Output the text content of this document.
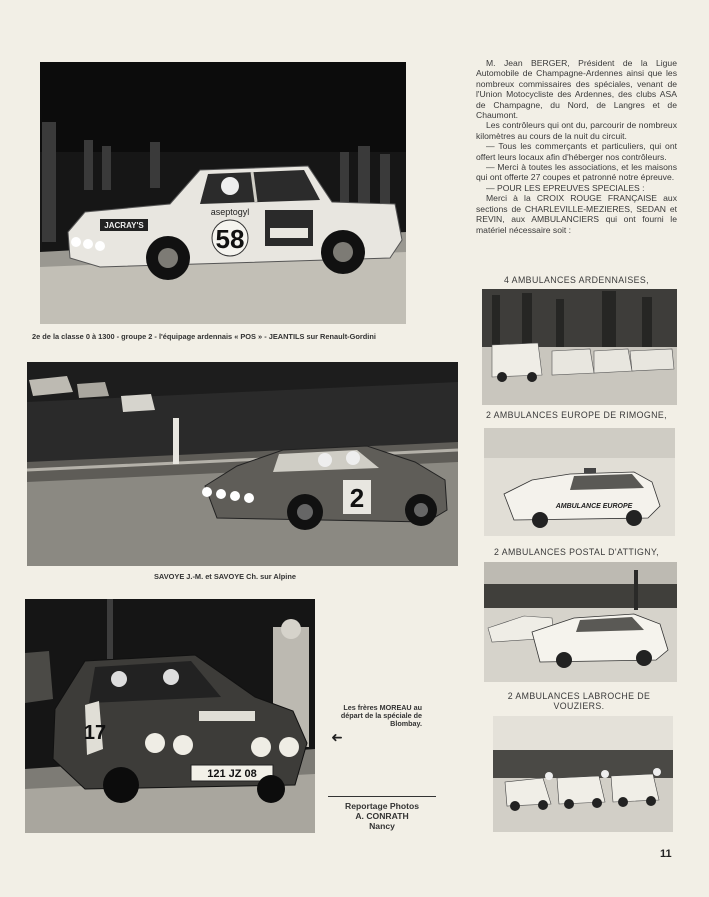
JACRAY'S
aseptogyl
58
2e de la classe 0 à 1300 - groupe 2 - l'équipage ardennais « POS » - JEANTILS sur Renault-Gordini
2
SAVOYE J.-M. et SAVOYE Ch. sur Alpine
17
121 JZ 08
Les frères MOREAU au départ de la spéciale de Blombay.
➜
Reportage Photos
A. CONRATH
Nancy

M. Jean BERGER, Président de la Ligue Automobile de Champagne-Ardennes ainsi que les nombreux commissaires des spéciales, venant de l'Union Motocycliste des Ardennes, des clubs ASA de Champagne, du Nord, de Langres et de Chaumont.

Les contrôleurs qui ont du, parcourir de nombreux kilomètres au cours de la nuit du circuit.

— Tous les commerçants et particuliers, qui ont offert leurs locaux afin d'héberger nos contrôleurs.

— Merci à toutes les associations, et les maisons qui ont offerte 27 coupes et patronné notre épreuve.

— POUR LES EPREUVES SPECIALES :

Merci à la CROIX ROUGE FRANÇAISE aux sections de CHARLEVILLE-MEZIERES, SEDAN et REVIN, aux AMBULANCIERS qui ont fourni le matériel nécessaire soit :

4 AMBULANCES ARDENNAISES,
2 AMBULANCES EUROPE DE RIMOGNE,
AMBULANCE EUROPE
2 AMBULANCES POSTAL D'ATTIGNY,
2 AMBULANCES LABROCHE DE VOUZIERS.
11
